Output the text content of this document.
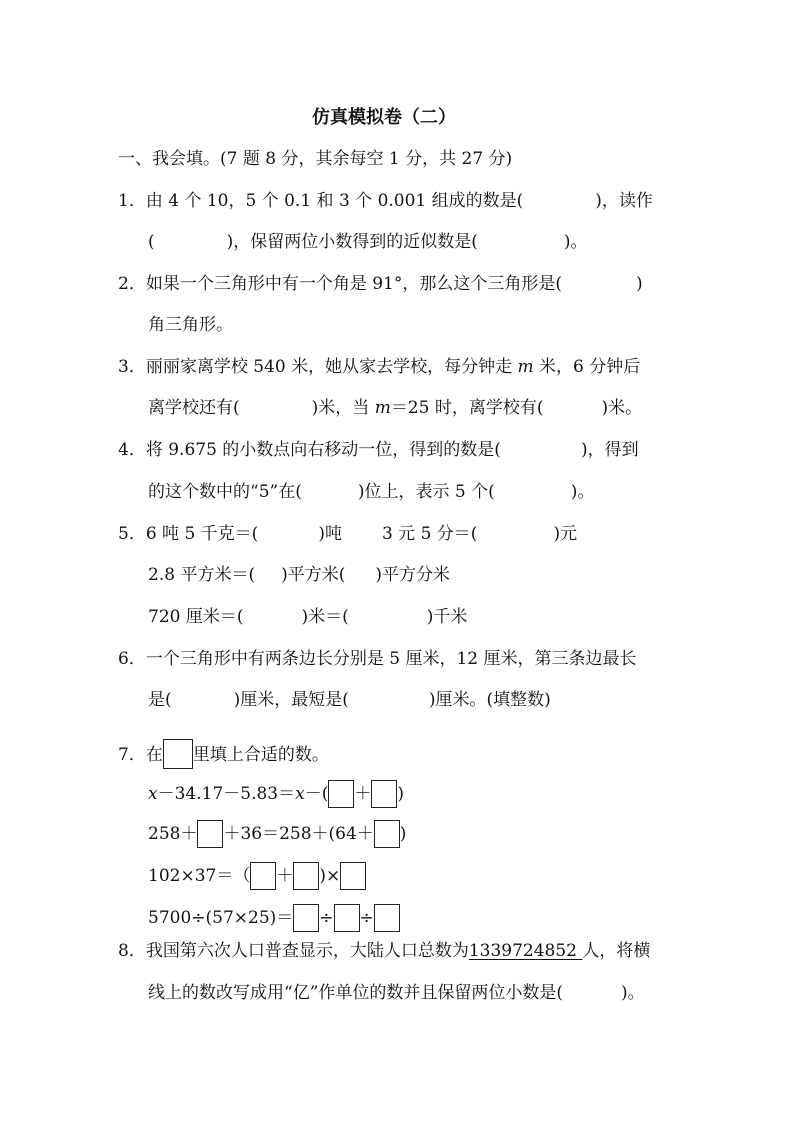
仿真模拟卷（二）
一、我会填。(7 题 8 分，其余每空 1 分，共 27 分)
1．由 4 个 10，5 个 0.1 和 3 个 0.001 组成的数是(	)，读作
(	)，保留两位小数得到的近似数是(	)。
2．如果一个三角形中有一个角是 91°，那么这个三角形是(	)
角三角形。
3．丽丽家离学校 540 米，她从家去学校，每分钟走 m 米，6 分钟后
离学校还有(	)米，当 m＝25 时，离学校有(	)米。
4．将 9.675 的小数点向右移动一位，得到的数是(	)，得到
的这个数中的“5”在(	)位上，表示 5 个(	)。
5．6 吨 5 千克＝(	)吨 3 元 5 分＝(	)元
2.8 平方米＝( )平方米( )平方分米
720 厘米＝(	)米＝(	)千米
6．一个三角形中有两条边长分别是 5 厘米，12 厘米，第三条边最长
是(	)厘米，最短是(	)厘米。(填整数)
7．在 里填上合适的数。
x－34.17－5.83＝x－( ＋ )
258＋ ＋36＝258＋(64＋ )
102×37＝（ ＋ )×
5700÷(57×25)＝ ÷ ÷
8．我国第六次人口普查显示，大陆人口总数为1339724852 人，将横
线上的数改写成用“亿”作单位的数并且保留两位小数是(	)。
